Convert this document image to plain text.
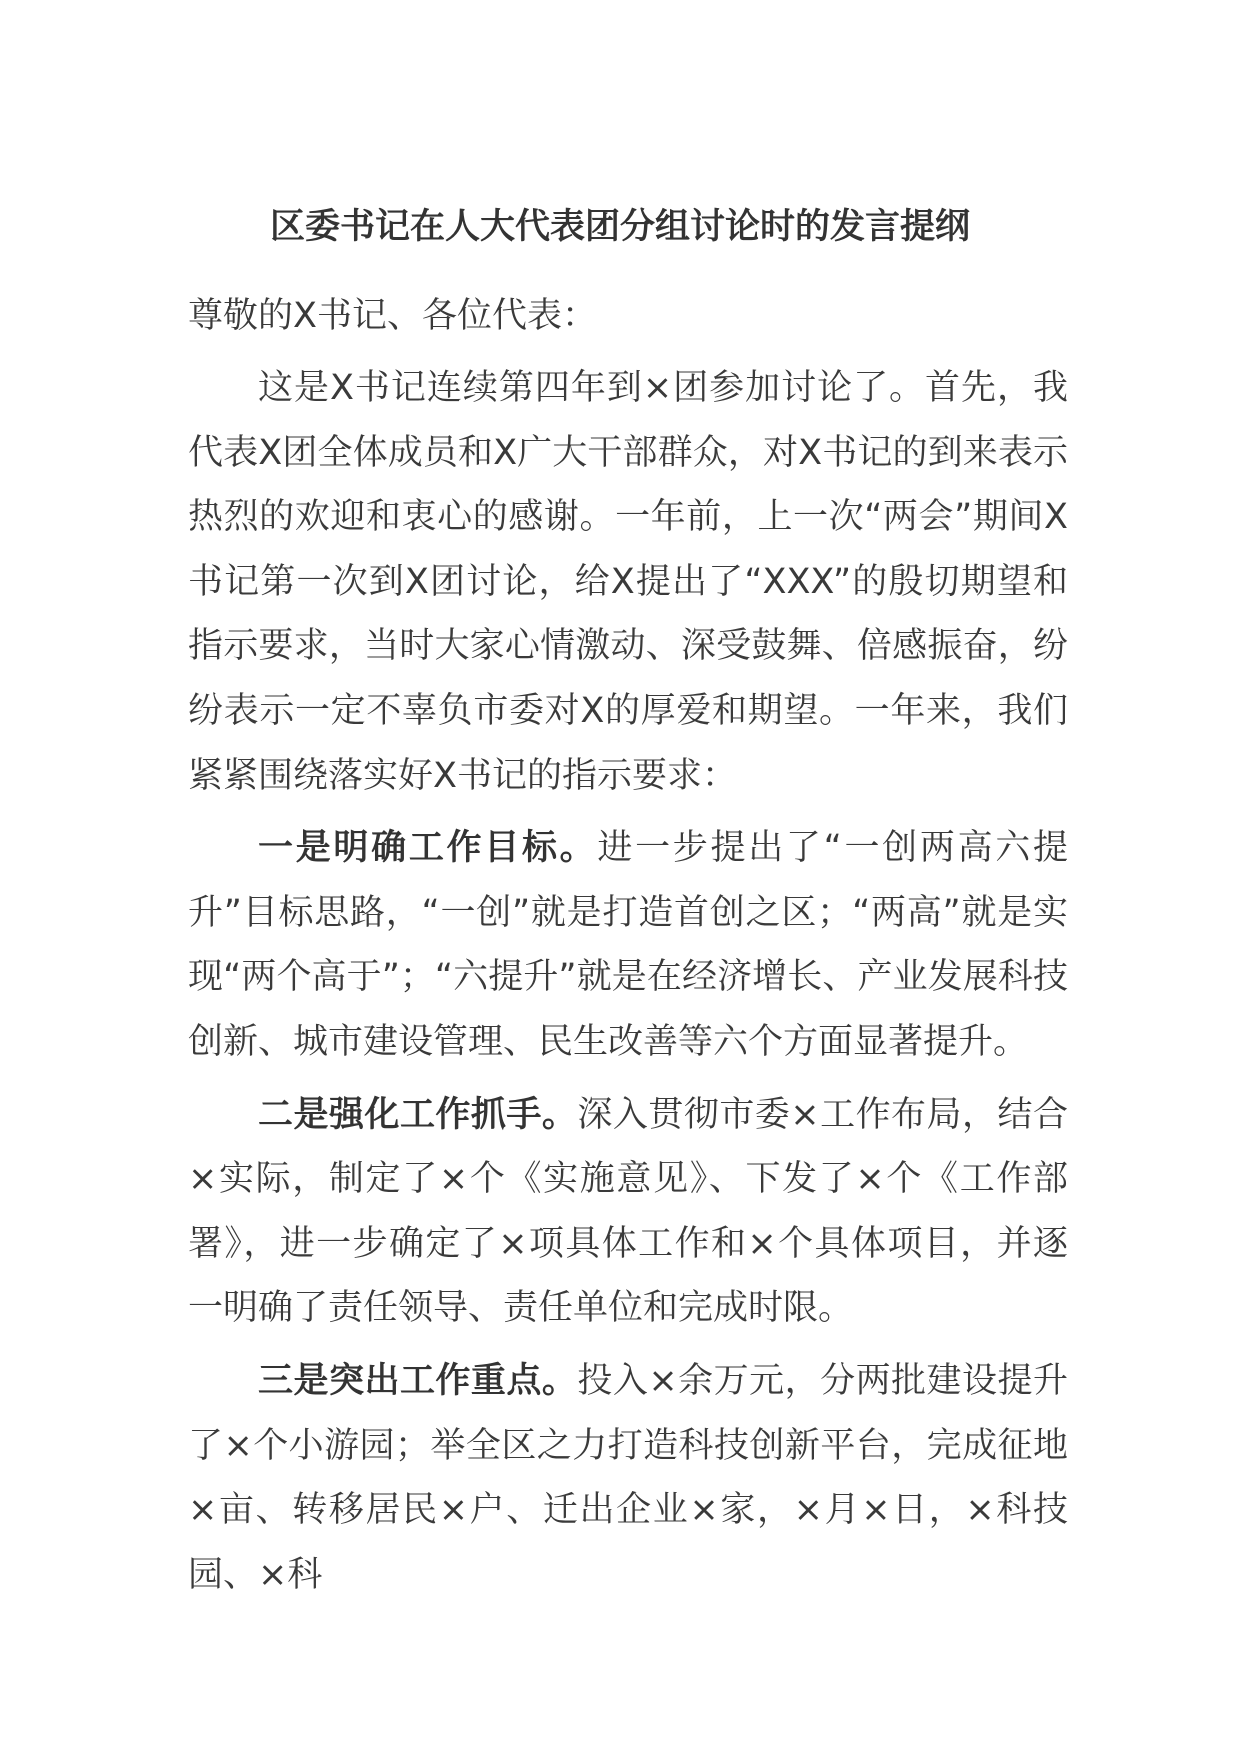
区委书记在人大代表团分组讨论时的发言提纲

尊敬的X书记、各位代表：

这是X书记连续第四年到×团参加讨论了。首先，我代表X团全体成员和X广大干部群众，对X书记的到来表示热烈的欢迎和衷心的感谢。一年前，上一次“两会”期间X书记第一次到X团讨论，给X提出了“XXX”的殷切期望和指示要求，当时大家心情激动、深受鼓舞、倍感振奋，纷纷表示一定不辜负市委对X的厚爱和期望。一年来，我们紧紧围绕落实好X书记的指示要求：

一是明确工作目标。进一步提出了“一创两高六提升”目标思路，“一创”就是打造首创之区；“两高”就是实现“两个高于”；“六提升”就是在经济增长、产业发展科技创新、城市建设管理、民生改善等六个方面显著提升。

二是强化工作抓手。深入贯彻市委×工作布局，结合×实际，制定了×个《实施意见》、下发了×个《工作部署》，进一步确定了×项具体工作和×个具体项目，并逐一明确了责任领导、责任单位和完成时限。

三是突出工作重点。投入×余万元，分两批建设提升了×个小游园；举全区之力打造科技创新平台，完成征地×亩、转移居民×户、迁出企业×家，×月×日，×科技园、×科
